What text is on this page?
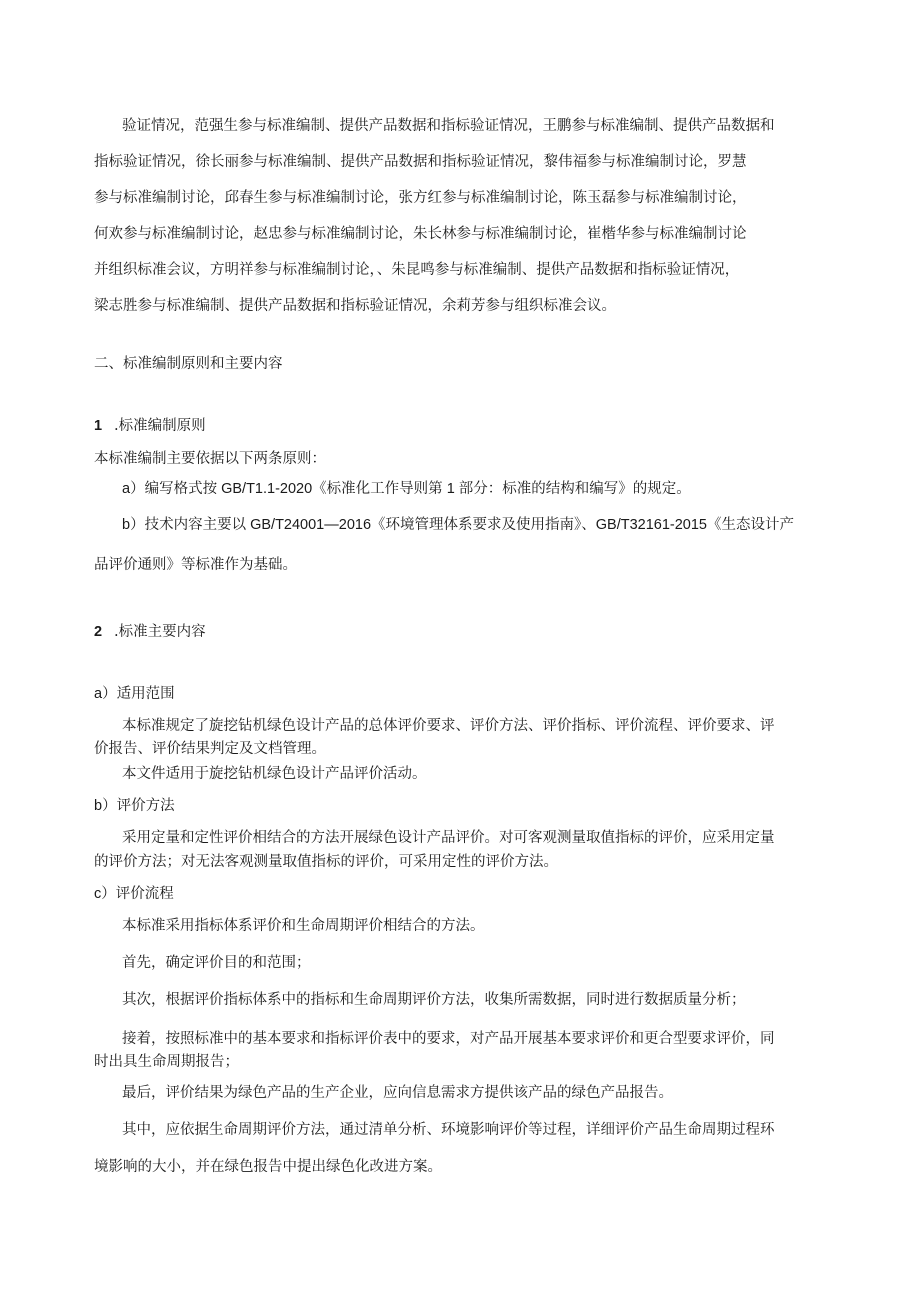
验证情况，范强生参与标准编制、提供产品数据和指标验证情况，王鹏参与标准编制、提供产品数据和
指标验证情况，徐长丽参与标准编制、提供产品数据和指标验证情况，黎伟福参与标准编制讨论，罗慧
参与标准编制讨论，邱春生参与标准编制讨论，张方红参与标准编制讨论，陈玉磊参与标准编制讨论，
何欢参与标准编制讨论，赵忠参与标准编制讨论，朱长林参与标准编制讨论，崔楷华参与标准编制讨论
并组织标准会议，方明祥参与标准编制讨论，、朱昆鸣参与标准编制、提供产品数据和指标验证情况，
梁志胜参与标准编制、提供产品数据和指标验证情况，余莉芳参与组织标准会议。
二、标准编制原则和主要内容
1 .标准编制原则
本标准编制主要依据以下两条原则：
a）编写格式按 GB/T1.1-2020《标准化工作导则第 1 部分：标准的结构和编写》的规定。
b）技术内容主要以 GB/T24001—2016《环境管理体系要求及使用指南》、GB/T32161-2015《生态设计产
品评价通则》等标准作为基础。
2 .标准主要内容
a）适用范围
本标准规定了旋挖钻机绿色设计产品的总体评价要求、评价方法、评价指标、评价流程、评价要求、评
价报告、评价结果判定及文档管理。
本文件适用于旋挖钻机绿色设计产品评价活动。
b）评价方法
采用定量和定性评价相结合的方法开展绿色设计产品评价。对可客观测量取值指标的评价，应采用定量
的评价方法；对无法客观测量取值指标的评价，可采用定性的评价方法。
c）评价流程
本标准采用指标体系评价和生命周期评价相结合的方法。
首先，确定评价目的和范围；
其次，根据评价指标体系中的指标和生命周期评价方法，收集所需数据，同时进行数据质量分析；
接着，按照标准中的基本要求和指标评价表中的要求，对产品开展基本要求评价和更合型要求评价，同
时出具生命周期报告；
最后，评价结果为绿色产品的生产企业，应向信息需求方提供该产品的绿色产品报告。
其中，应依据生命周期评价方法，通过清单分析、环境影响评价等过程，详细评价产品生命周期过程环
境影响的大小，并在绿色报告中提出绿色化改进方案。
